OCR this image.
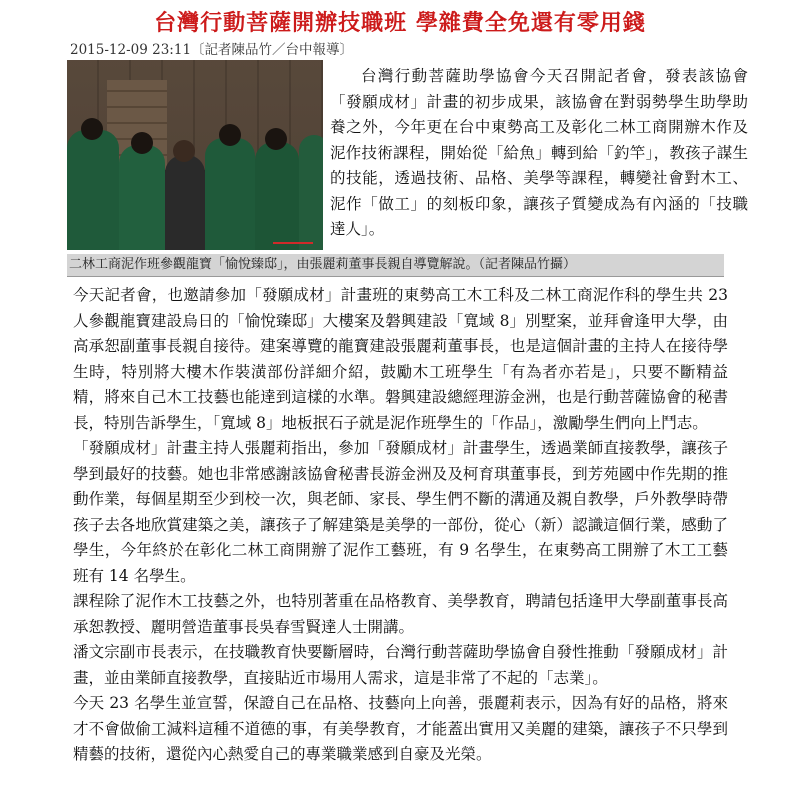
台灣行動菩薩開辦技職班 學雜費全免還有零用錢
2015-12-09 23:11〔記者陳品竹／台中報導〕
台灣行動菩薩助學協會今天召開記者會，發表該協會「發願成材」計畫的初步成果，該協會在對弱勢學生助學助養之外，今年更在台中東勢高工及彰化二林工商開辦木作及泥作技術課程，開始從「給魚」轉到給「釣竿」，教孩子謀生的技能，透過技術、品格、美學等課程，轉變社會對木工、泥作「做工」的刻板印象，讓孩子質變成為有內涵的「技職達人」。
二林工商泥作班參觀龍寶「愉悅臻邸」，由張麗莉董事長親自導覽解說。（記者陳品竹攝）

今天記者會，也邀請參加「發願成材」計畫班的東勢高工木工科及二林工商泥作科的學生共 23 人參觀龍寶建設烏日的「愉悅臻邸」大樓案及磐興建設「寬域 8」別墅案，並拜會逢甲大學，由高承恕副董事長親自接待。建案導覽的龍寶建設張麗莉董事長，也是這個計畫的主持人在接待學生時，特別將大樓木作裝潢部份詳細介紹，鼓勵木工班學生「有為者亦若是」，只要不斷精益精，將來自己木工技藝也能達到這樣的水準。磐興建設總經理游金洲，也是行動菩薩協會的秘書長，特別告訴學生，「寬域 8」地板抿石子就是泥作班學生的「作品」，激勵學生們向上鬥志。

「發願成材」計畫主持人張麗莉指出，參加「發願成材」計畫學生，透過業師直接教學，讓孩子學到最好的技藝。她也非常感謝該協會秘書長游金洲及及柯育琪董事長，到芳苑國中作先期的推動作業，每個星期至少到校一次，與老師、家長、學生們不斷的溝通及親自教學，戶外教學時帶孩子去各地欣賞建築之美，讓孩子了解建築是美學的一部份，從心（新）認識這個行業，感動了學生，今年終於在彰化二林工商開辦了泥作工藝班，有 9 名學生，在東勢高工開辦了木工工藝班有 14 名學生。

課程除了泥作木工技藝之外，也特別著重在品格教育、美學教育，聘請包括逢甲大學副董事長高承恕教授、麗明營造董事長吳春雪賢達人士開講。

潘文宗副市長表示，在技職教育快要斷層時，台灣行動菩薩助學協會自發性推動「發願成材」計畫，並由業師直接教學，直接貼近市場用人需求，這是非常了不起的「志業」。

今天 23 名學生並宣誓，保證自己在品格、技藝向上向善，張麗莉表示，因為有好的品格，將來才不會做偷工減料這種不道德的事，有美學教育，才能蓋出實用又美麗的建築，讓孩子不只學到精藝的技術，還從內心熱愛自己的專業職業感到自豪及光榮。
